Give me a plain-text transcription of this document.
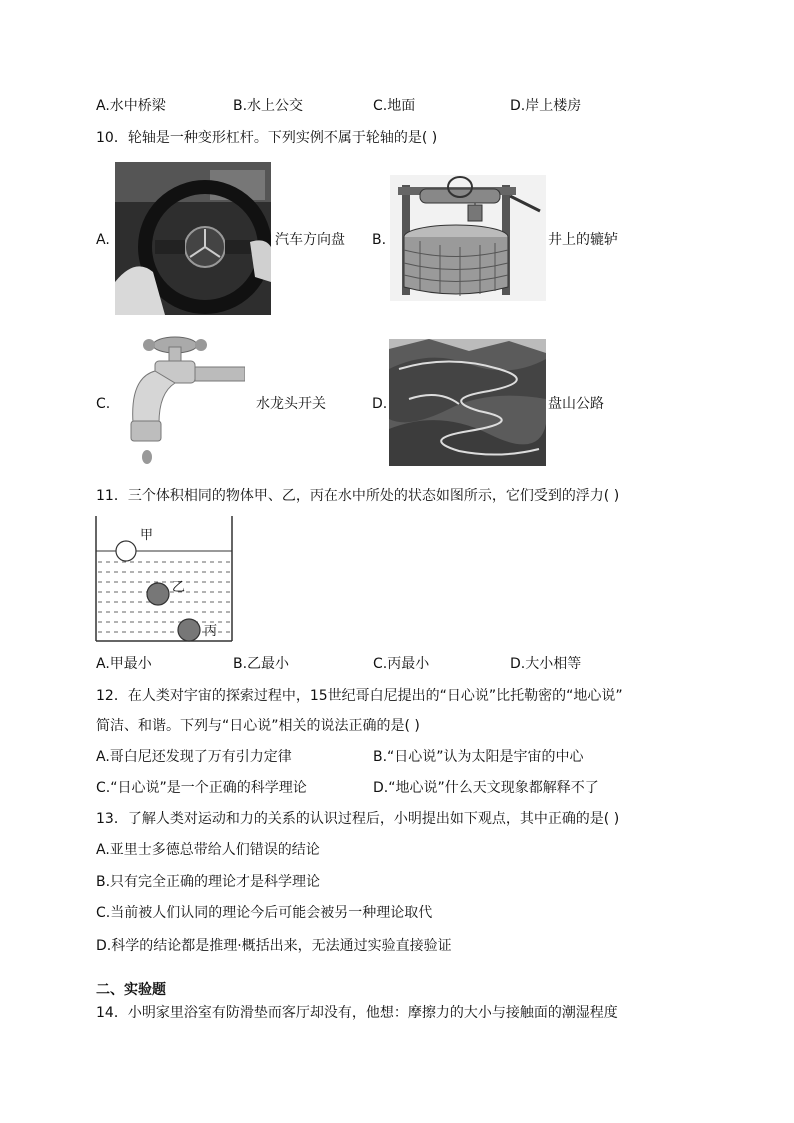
A.水中桥梁	B.水上公交	C.地面	D.岸上楼房
10．轮轴是一种变形杠杆。下列实例不属于轮轴的是( )
A.	汽车方向盘 B.	井上的辘轳
C.	水龙头开关	D.	盘山公路
11．三个体积相同的物体甲、乙，丙在水中所处的状态如图所示，它们受到的浮力( )
甲
乙
丙
A.甲最小	B.乙最小	C.丙最小	D.大小相等
12．在人类对宇宙的探索过程中，15世纪哥白尼提出的“日心说”比托勒密的“地心说”
简洁、和谐。下列与“日心说”相关的说法正确的是( )
A.哥白尼还发现了万有引力定律	B.“日心说”认为太阳是宇宙的中心
C.“日心说”是一个正确的科学理论	D.“地心说”什么天文现象都解释不了
13．了解人类对运动和力的关系的认识过程后，小明提出如下观点，其中正确的是( )
A.亚里士多德总带给人们错误的结论
B.只有完全正确的理论才是科学理论
C.当前被人们认同的理论今后可能会被另一种理论取代
D.科学的结论都是推理·概括出来，无法通过实验直接验证
二、实验题
14．小明家里浴室有防滑垫而客厅却没有，他想：摩擦力的大小与接触面的潮湿程度
